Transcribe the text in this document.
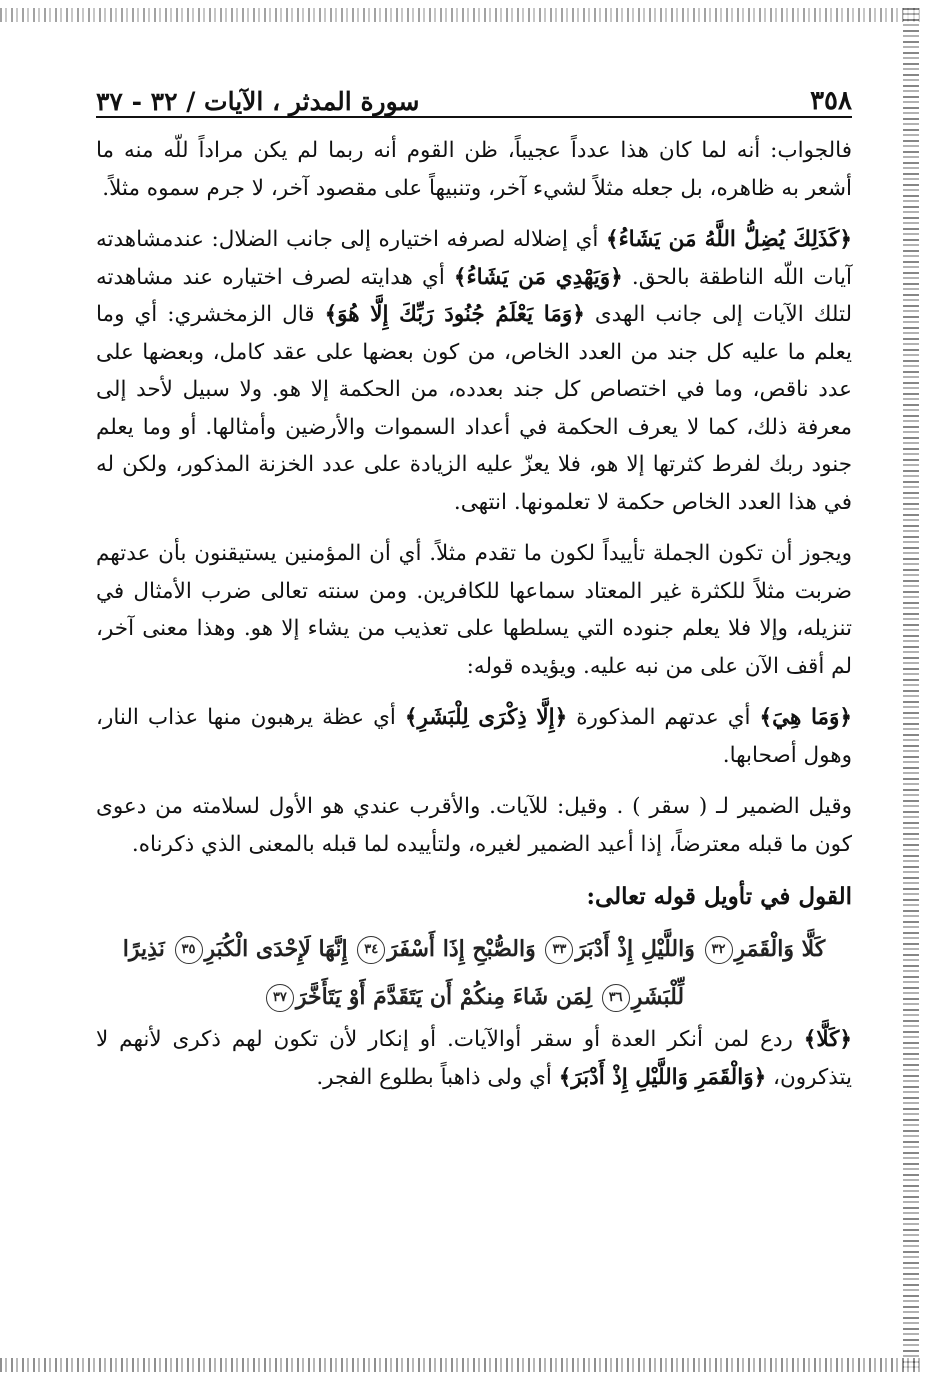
٣٥٨
سورة المدثر ، الآيات / ٣٢ - ٣٧

فالجواب: أنه لما كان هذا عدداً عجيباً، ظن القوم أنه ربما لم يكن مراداً للّه منه ما أشعر به ظاهره، بل جعله مثلاً لشيء آخر، وتنبيهاً على مقصود آخر، لا جرم سموه مثلاً.

﴿كَذَلِكَ يُضِلُّ اللَّهُ مَن يَشَاءُ﴾ أي إضلاله لصرفه اختياره إلى جانب الضلال: عندمشاهدته آيات اللّه الناطقة بالحق. ﴿وَيَهْدِي مَن يَشَاءُ﴾ أي هدايته لصرف اختياره عند مشاهدته لتلك الآيات إلى جانب الهدى ﴿وَمَا يَعْلَمُ جُنُودَ رَبِّكَ إِلَّا هُوَ﴾ قال الزمخشري: أي وما يعلم ما عليه كل جند من العدد الخاص، من كون بعضها على عقد كامل، وبعضها على عدد ناقص، وما في اختصاص كل جند بعدده، من الحكمة إلا هو. ولا سبيل لأحد إلى معرفة ذلك، كما لا يعرف الحكمة في أعداد السموات والأرضين وأمثالها. أو وما يعلم جنود ربك لفرط كثرتها إلا هو، فلا يعزّ عليه الزيادة على عدد الخزنة المذكور، ولكن له في هذا العدد الخاص حكمة لا تعلمونها. انتهى.

ويجوز أن تكون الجملة تأييداً لكون ما تقدم مثلاً. أي أن المؤمنين يستيقنون بأن عدتهم ضربت مثلاً للكثرة غير المعتاد سماعها للكافرين. ومن سنته تعالى ضرب الأمثال في تنزيله، وإلا فلا يعلم جنوده التي يسلطها على تعذيب من يشاء إلا هو. وهذا معنى آخر، لم أقف الآن على من نبه عليه. ويؤيده قوله:

﴿وَمَا هِيَ﴾ أي عدتهم المذكورة ﴿إِلَّا ذِكْرَى لِلْبَشَرِ﴾ أي عظة يرهبون منها عذاب النار، وهول أصحابها.

وقيل الضمير لـ ( سقر ) . وقيل: للآيات. والأقرب عندي هو الأول لسلامته من دعوى كون ما قبله معترضاً، إذا أعيد الضمير لغيره، ولتأييده لما قبله بالمعنى الذي ذكرناه.

القول في تأويل قوله تعالى:
كَلَّا وَالْقَمَرِ٣٢ وَاللَّيْلِ إِذْ أَدْبَرَ٣٣ وَالصُّبْحِ إِذَا أَسْفَرَ٣٤ إِنَّهَا لَإِحْدَى الْكُبَرِ٣٥ نَذِيرًا
لِّلْبَشَرِ٣٦ لِمَن شَاءَ مِنكُمْ أَن يَتَقَدَّمَ أَوْ يَتَأَخَّرَ٣٧

﴿كَلَّا﴾ ردع لمن أنكر العدة أو سقر أوالآيات. أو إنكار لأن تكون لهم ذكرى لأنهم لا يتذكرون، ﴿وَالْقَمَرِ وَاللَّيْلِ إِذْ أَدْبَرَ﴾ أي ولى ذاهباً بطلوع الفجر.
